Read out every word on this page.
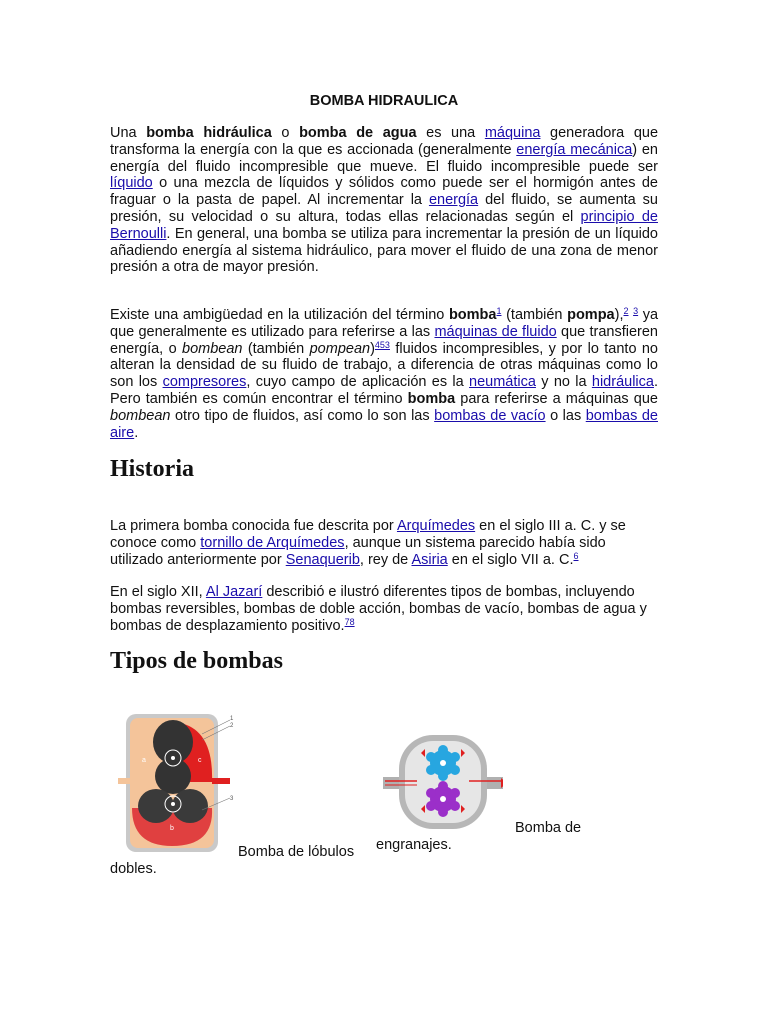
BOMBA HIDRAULICA

Una bomba hidráulica o bomba de agua es una máquina generadora que transforma la energía con la que es accionada (generalmente energía mecánica) en energía del fluido incompresible que mueve. El fluido incompresible puede ser líquido o una mezcla de líquidos y sólidos como puede ser el hormigón antes de fraguar o la pasta de papel. Al incrementar la energía del fluido, se aumenta su presión, su velocidad o su altura, todas ellas relacionadas según el principio de Bernoulli. En general, una bomba se utiliza para incrementar la presión de un líquido añadiendo energía al sistema hidráulico, para mover el fluido de una zona de menor presión a otra de mayor presión.

Existe una ambigüedad en la utilización del término bomba$^1$ (también pompa),$^2$ $^3$ ya que generalmente es utilizado para referirse a las máquinas de fluido que transfieren energía, o bombean (también pompean)$^{453}$ fluidos incompresibles, y por lo tanto no alteran la densidad de su fluido de trabajo, a diferencia de otras máquinas como lo son los compresores, cuyo campo de aplicación es la neumática y no la hidráulica. Pero también es común encontrar el término bomba para referirse a máquinas que bombean otro tipo de fluidos, así como lo son las bombas de vacío o las bombas de aire.

Historia

La primera bomba conocida fue descrita por Arquímedes en el siglo III a. C. y se conoce como tornillo de Arquímedes, aunque un sistema parecido había sido utilizado anteriormente por Senaquerib, rey de Asiria en el siglo VII a. C.$^6$

En el siglo XII, Al Jazarí describió e ilustró diferentes tipos de bombas, incluyendo bombas reversibles, bombas de doble acción, bombas de vacío, bombas de agua y bombas de desplazamiento positivo.$^{78}$

Tipos de bombas
1
2
3
a	c
b
Bomba de lóbulos
dobles.
engranajes.
Bomba de
